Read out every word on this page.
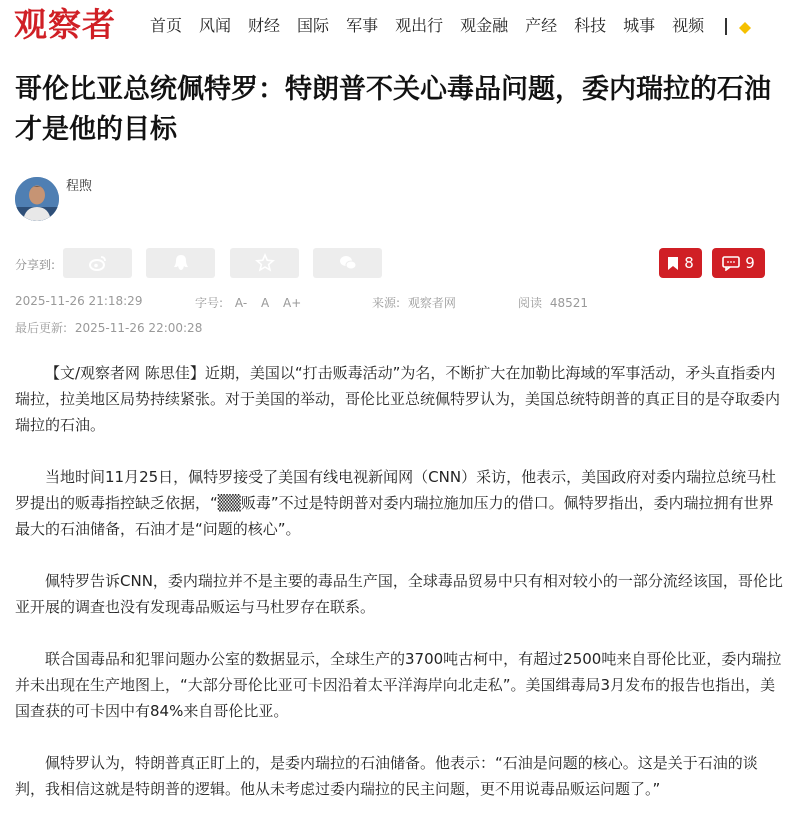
观察者 首页 风闻 财经 国际 军事 观出行 观金融 产经 科技 城事 视频
哥伦比亚总统佩特罗：特朗普不关心毒品问题，委内瑞拉的石油才是他的目标
程煦
分享到:	8	9
2025-11-26 21:18:29	字号: A- A A+	来源: 观察者网	阅读 48521
最后更新: 2025-11-26 22:00:28

【文/观察者网 陈思佳】近期，美国以“打击贩毒活动”为名，不断扩大在加勒比海域的军事活动，矛头直指委内瑞拉，拉美地区局势持续紧张。对于美国的举动，哥伦比亚总统佩特罗认为，美国总统特朗普的真正目的是夺取委内瑞拉的石油。

当地时间11月25日，佩特罗接受了美国有线电视新闻网（CNN）采访，他表示，美国政府对委内瑞拉总统马杜罗提出的贩毒指控缺乏依据，“▒▒贩毒”不过是特朗普对委内瑞拉施加压力的借口。佩特罗指出，委内瑞拉拥有世界最大的石油储备，石油才是“问题的核心”。

佩特罗告诉CNN，委内瑞拉并不是主要的毒品生产国，全球毒品贸易中只有相对较小的一部分流经该国，哥伦比亚开展的调查也没有发现毒品贩运与马杜罗存在联系。

联合国毒品和犯罪问题办公室的数据显示，全球生产的3700吨古柯中，有超过2500吨来自哥伦比亚，委内瑞拉并未出现在生产地图上，“大部分哥伦比亚可卡因沿着太平洋海岸向北走私”。美国缉毒局3月发布的报告也指出，美国查获的可卡因中有84%来自哥伦比亚。

佩特罗认为，特朗普真正盯上的，是委内瑞拉的石油储备。他表示：“石油是问题的核心。这是关于石油的谈判，我相信这就是特朗普的逻辑。他从未考虑过委内瑞拉的民主问题，更不用说毒品贩运问题了。”
